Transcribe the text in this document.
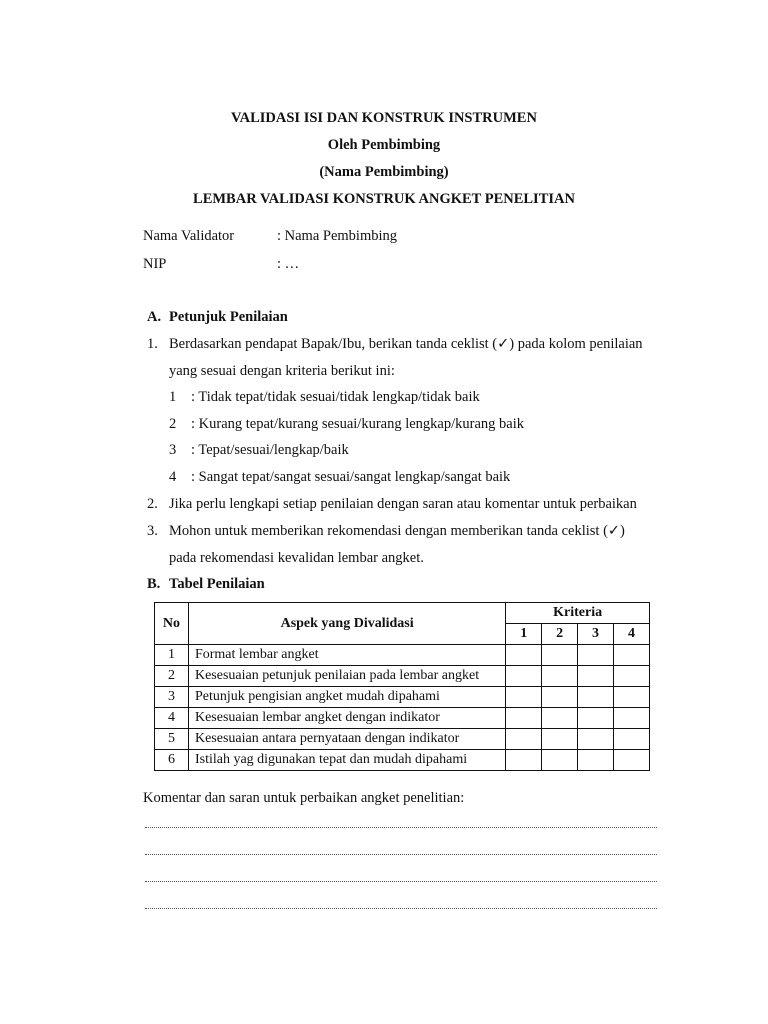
VALIDASI ISI DAN KONSTRUK INSTRUMEN
Oleh Pembimbing
(Nama Pembimbing)
LEMBAR VALIDASI KONSTRUK ANGKET PENELITIAN
Nama Validator	: Nama Pembimbing
NIP	: …
A. Petunjuk Penilaian
1. Berdasarkan pendapat Bapak/Ibu, berikan tanda ceklist (✓) pada kolom penilaian
yang sesuai dengan kriteria berikut ini:
1 : Tidak tepat/tidak sesuai/tidak lengkap/tidak baik
2 : Kurang tepat/kurang sesuai/kurang lengkap/kurang baik
3 : Tepat/sesuai/lengkap/baik
4 : Sangat tepat/sangat sesuai/sangat lengkap/sangat baik
2. Jika perlu lengkapi setiap penilaian dengan saran atau komentar untuk perbaikan
3. Mohon untuk memberikan rekomendasi dengan memberikan tanda ceklist (✓)
pada rekomendasi kevalidan lembar angket.
B. Tabel Penilaian
No	Aspek yang Divalidasi	Kriteria			
		1	2	3	4
1	Format lembar angket				
2	Kesesuaian petunjuk penilaian pada lembar angket				
3	Petunjuk pengisian angket mudah dipahami				
4	Kesesuaian lembar angket dengan indikator				
5	Kesesuaian antara pernyataan dengan indikator				
6	Istilah yag digunakan tepat dan mudah dipahami				
Komentar dan saran untuk perbaikan angket penelitian:
